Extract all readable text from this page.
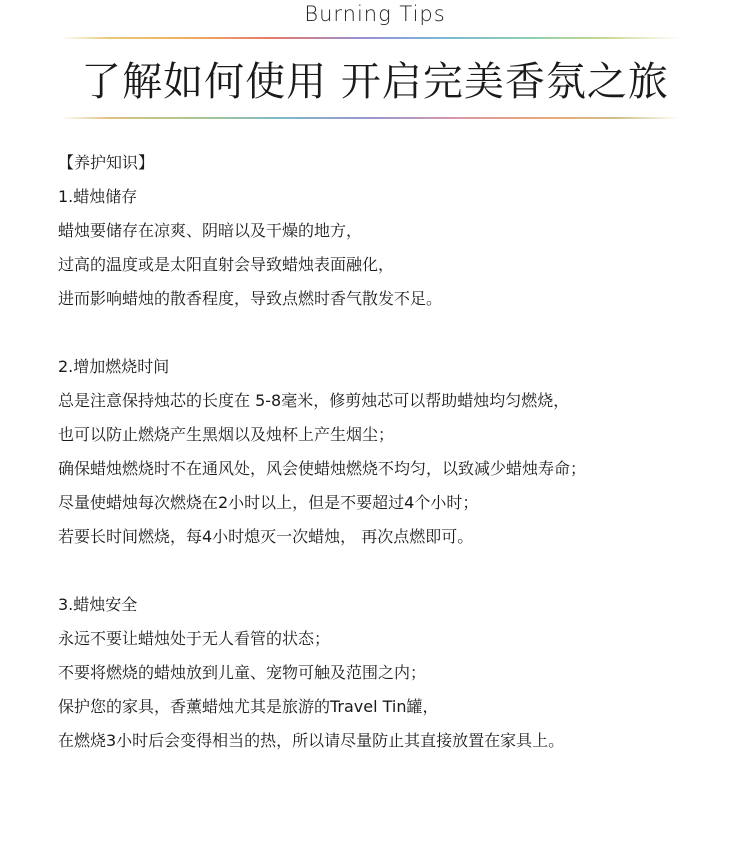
Burning Tips
了解如何使用 开启完美香氛之旅
【养护知识】
1.蜡烛储存
蜡烛要储存在凉爽、阴暗以及干燥的地方，
过高的温度或是太阳直射会导致蜡烛表面融化，
进而影响蜡烛的散香程度，导致点燃时香气散发不足。
2.增加燃烧时间
总是注意保持烛芯的长度在 5-8毫米，修剪烛芯可以帮助蜡烛均匀燃烧，
也可以防止燃烧产生黑烟以及烛杯上产生烟尘；
确保蜡烛燃烧时不在通风处，风会使蜡烛燃烧不均匀，以致减少蜡烛寿命；
尽量使蜡烛每次燃烧在2小时以上，但是不要超过4个小时；
若要长时间燃烧，每4小时熄灭一次蜡烛， 再次点燃即可。
3.蜡烛安全
永远不要让蜡烛处于无人看管的状态；
不要将燃烧的蜡烛放到儿童、宠物可触及范围之内；
保护您的家具，香薰蜡烛尤其是旅游的Travel Tin罐，
在燃烧3小时后会变得相当的热，所以请尽量防止其直接放置在家具上。
